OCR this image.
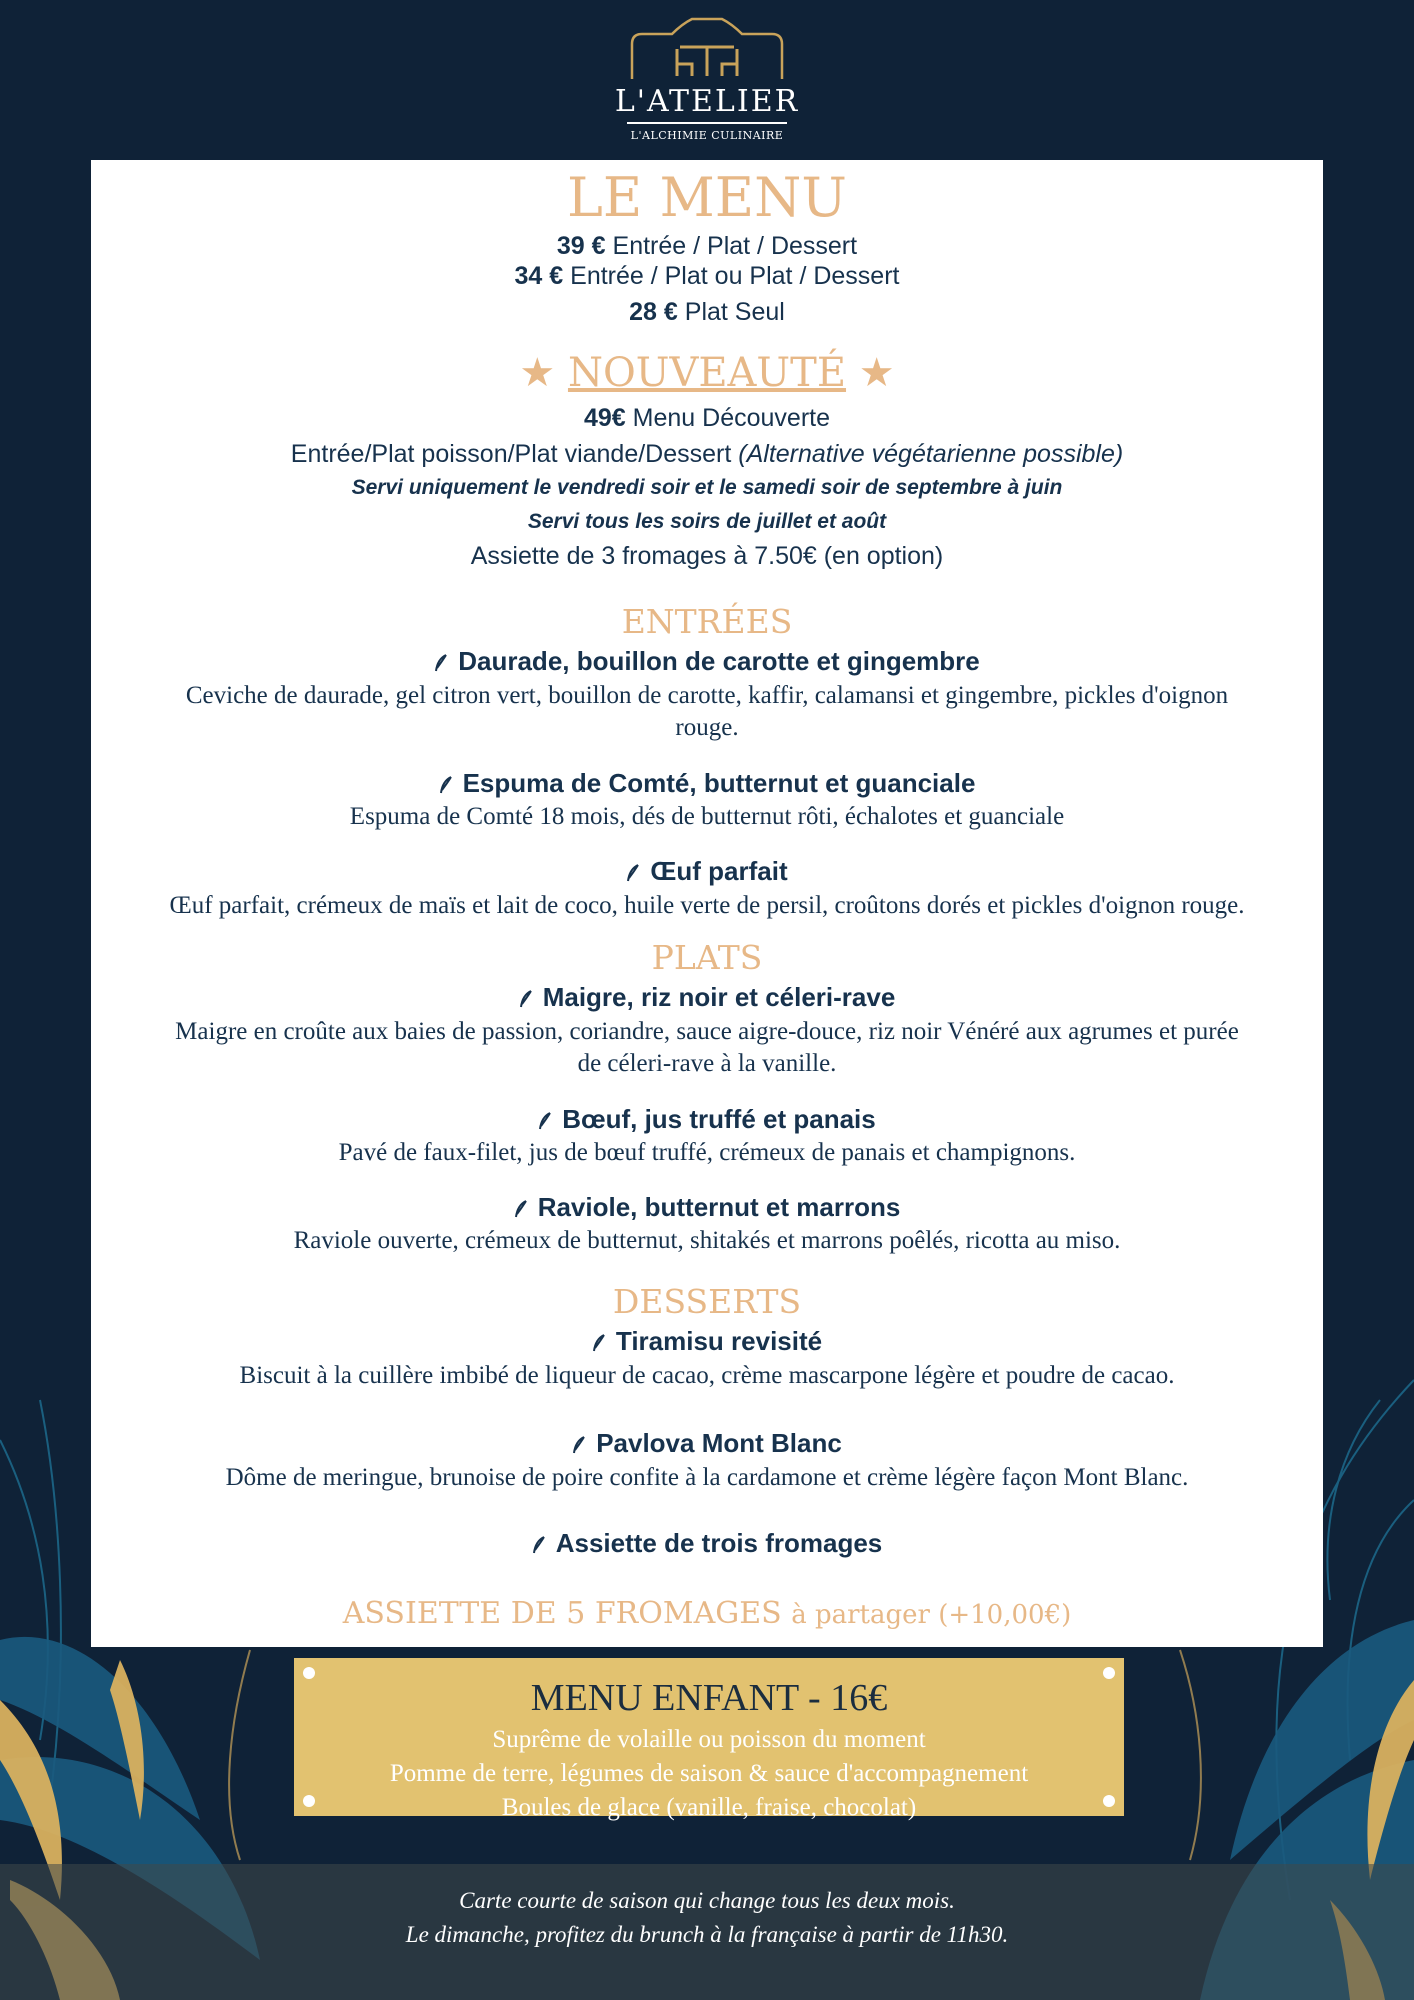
L'ATELIER
L'ALCHIMIE CULINAIRE
LE MENU
39 € Entrée / Plat / Dessert
34 € Entrée / Plat ou Plat / Dessert
28 € Plat Seul
★ NOUVEAUTÉ ★
49€ Menu Découverte
Entrée/Plat poisson/Plat viande/Dessert (Alternative végétarienne possible)
Servi uniquement le vendredi soir et le samedi soir de septembre à juin
Servi tous les soirs de juillet et août
Assiette de 3 fromages à 7.50€ (en option)
ENTRÉES
Daurade, bouillon de carotte et gingembre
Ceviche de daurade, gel citron vert, bouillon de carotte, kaffir, calamansi et gingembre, pickles d'oignon
rouge.
Espuma de Comté, butternut et guanciale
Espuma de Comté 18 mois, dés de butternut rôti, échalotes et guanciale
Œuf parfait
Œuf parfait, crémeux de maïs et lait de coco, huile verte de persil, croûtons dorés et pickles d'oignon rouge.
PLATS
Maigre, riz noir et céleri-rave
Maigre en croûte aux baies de passion, coriandre, sauce aigre-douce, riz noir Vénéré aux agrumes et purée
de céleri-rave à la vanille.
Bœuf, jus truffé et panais
Pavé de faux-filet, jus de bœuf truffé, crémeux de panais et champignons.
Raviole, butternut et marrons
Raviole ouverte, crémeux de butternut, shitakés et marrons poêlés, ricotta au miso.
DESSERTS
Tiramisu revisité
Biscuit à la cuillère imbibé de liqueur de cacao, crème mascarpone légère et poudre de cacao.
Pavlova Mont Blanc
Dôme de meringue, brunoise de poire confite à la cardamone et crème légère façon Mont Blanc.
Assiette de trois fromages
ASSIETTE DE 5 FROMAGES à partager (+10,00€)
MENU ENFANT - 16€
Suprême de volaille ou poisson du moment
Pomme de terre, légumes de saison & sauce d'accompagnement
Boules de glace (vanille, fraise, chocolat)
Carte courte de saison qui change tous les deux mois.
Le dimanche, profitez du brunch à la française à partir de 11h30.
